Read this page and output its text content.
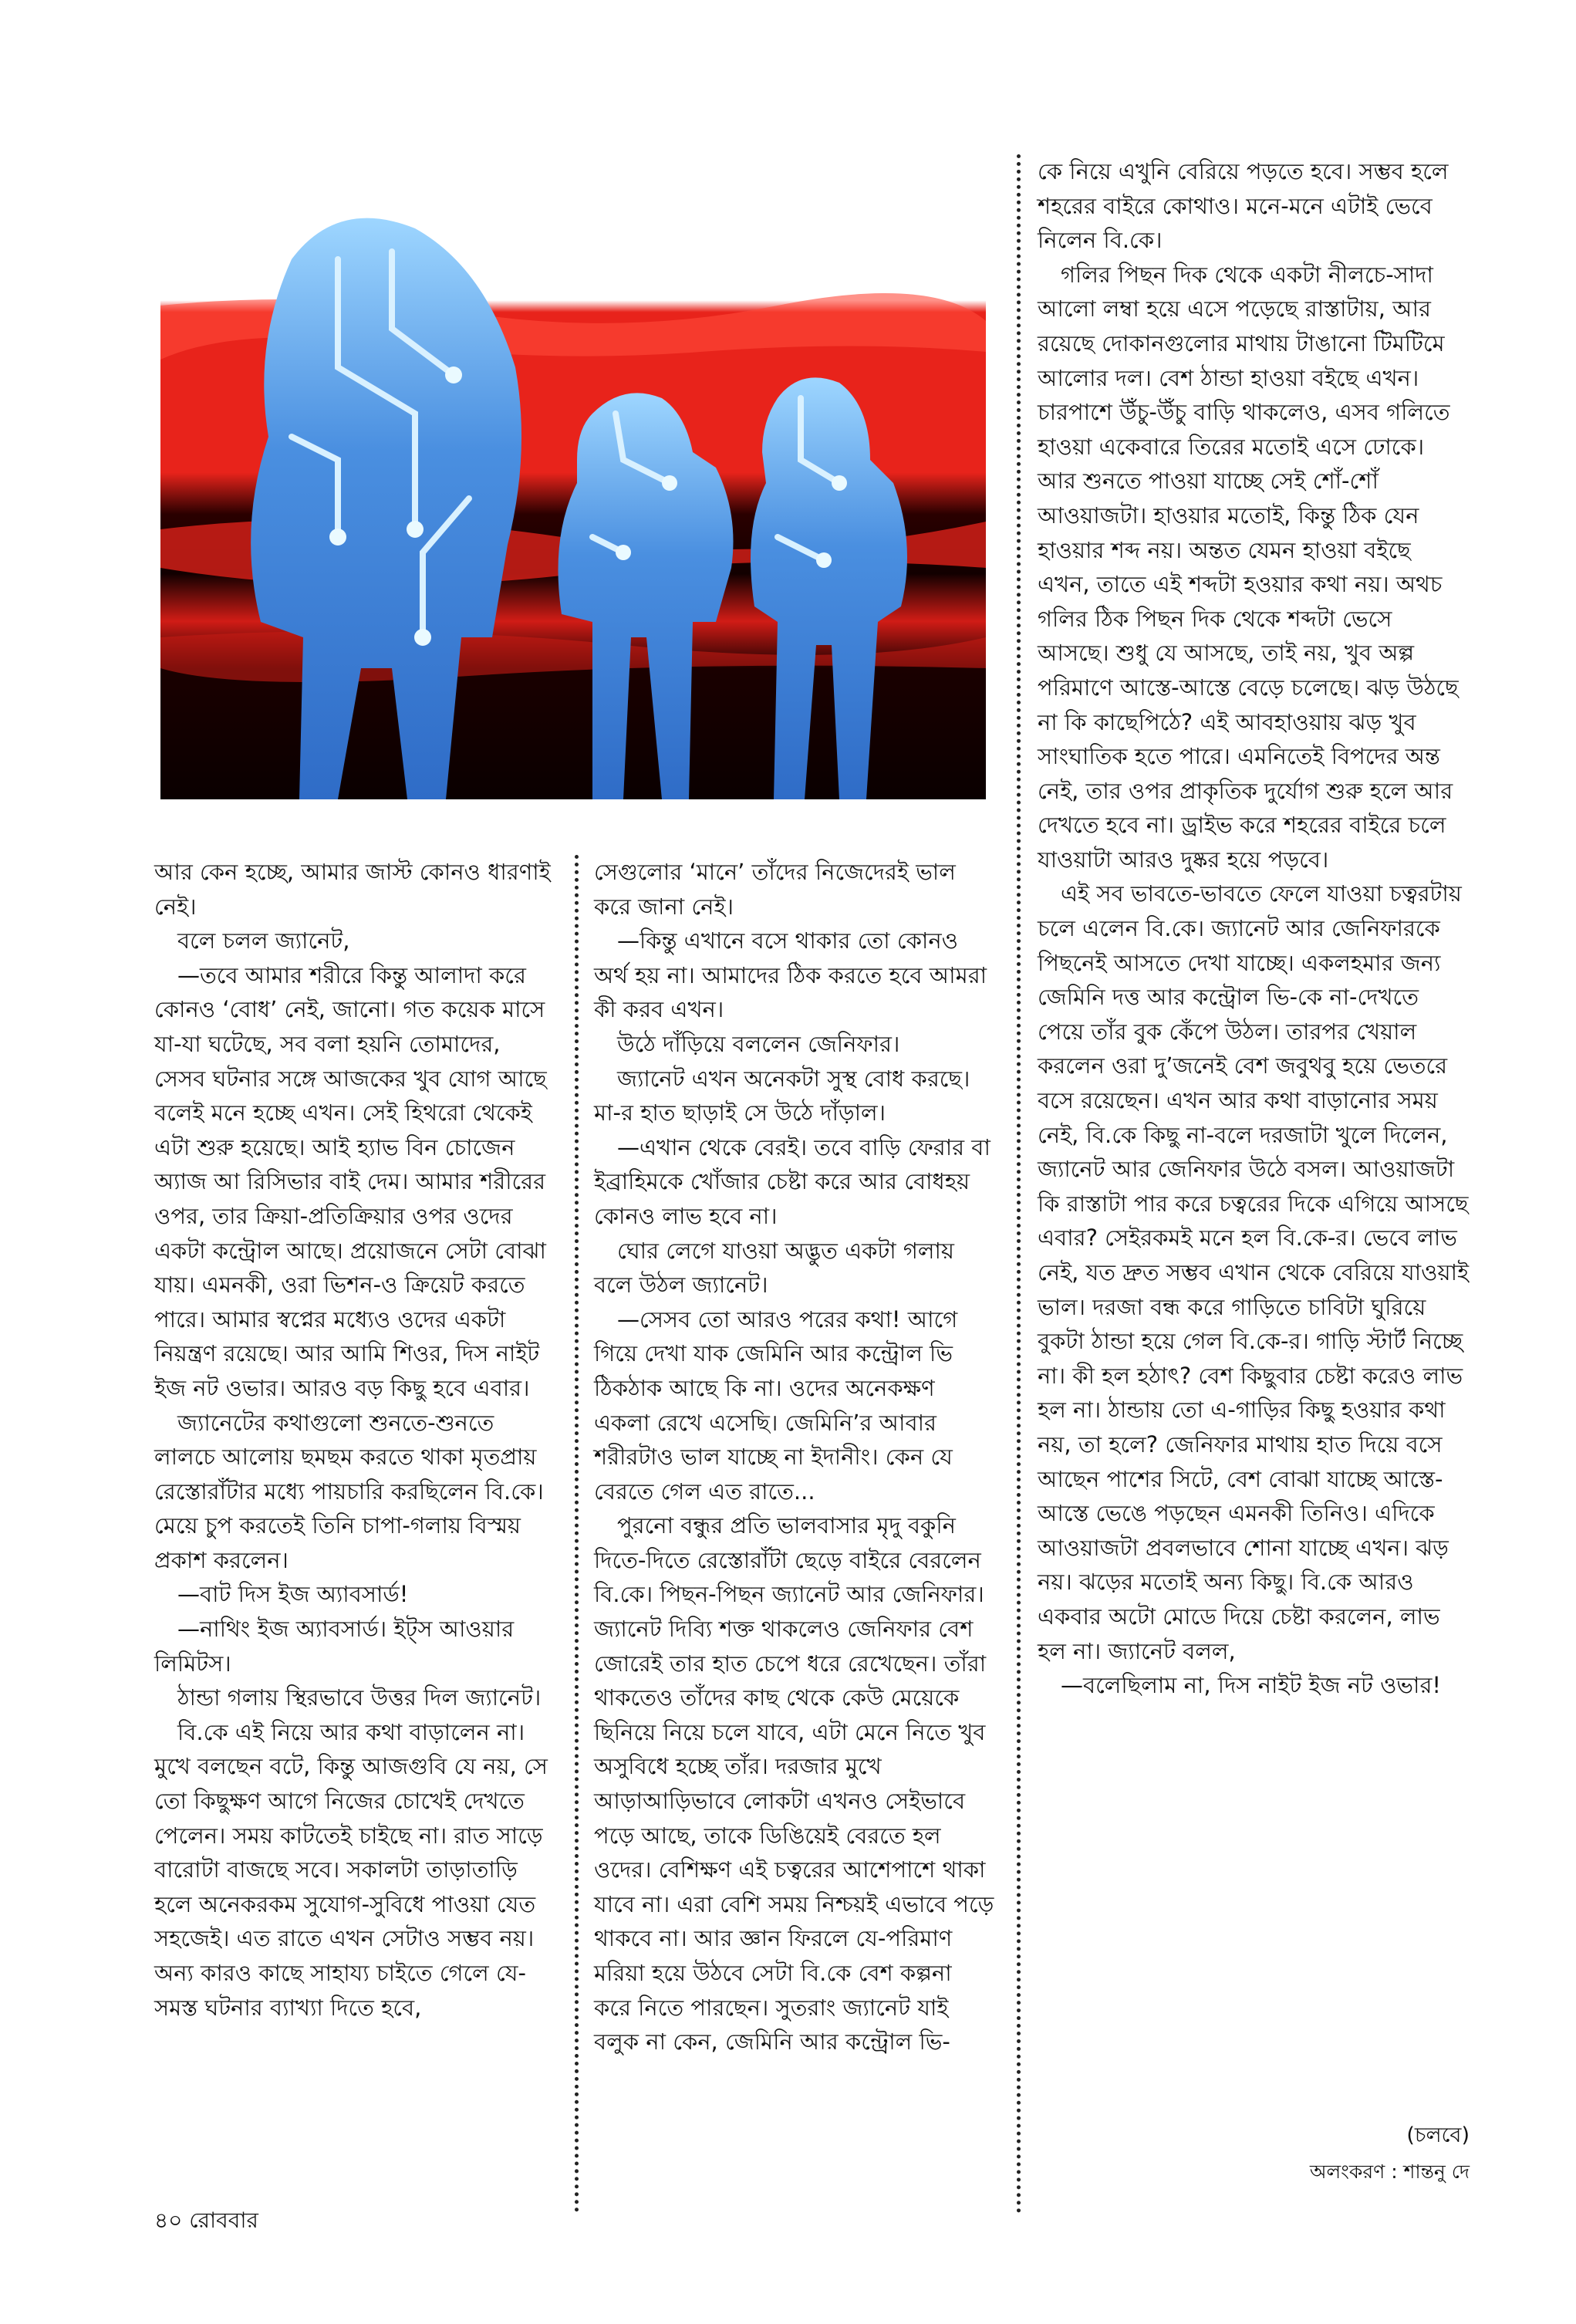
আর কেন হচ্ছে, আমার জাস্ট কোনও ধারণাই নেই।

বলে চলল জ্যানেট,

—তবে আমার শরীরে কিন্তু আলাদা করে কোনও ‘বোধ’ নেই, জানো। গত কয়েক মাসে যা-যা ঘটেছে, সব বলা হয়নি তোমাদের, সেসব ঘটনার সঙ্গে আজকের খুব যোগ আছে বলেই মনে হচ্ছে এখন। সেই হিথরো থেকেই এটা শুরু হয়েছে। আই হ্যাভ বিন চোজেন অ্যাজ আ রিসিভার বাই দেম। আমার শরীরের ওপর, তার ক্রিয়া-প্রতিক্রিয়ার ওপর ওদের একটা কন্ট্রোল আছে। প্রয়োজনে সেটা বোঝা যায়। এমনকী, ওরা ভিশন-ও ক্রিয়েট করতে পারে। আমার স্বপ্নের মধ্যেও ওদের একটা নিয়ন্ত্রণ রয়েছে। আর আমি শিওর, দিস নাইট ইজ নট ওভার। আরও বড় কিছু হবে এবার।

জ্যানেটের কথাগুলো শুনতে-শুনতে লালচে আলোয় ছমছম করতে থাকা মৃতপ্রায় রেস্তোরাঁটার মধ্যে পায়চারি করছিলেন বি.কে। মেয়ে চুপ করতেই তিনি চাপা-গলায় বিস্ময় প্রকাশ করলেন।

—বাট দিস ইজ অ্যাবসার্ড!

—নাথিং ইজ অ্যাবসার্ড। ইট্স আওয়ার লিমিটস।

ঠান্ডা গলায় স্থিরভাবে উত্তর দিল জ্যানেট।

বি.কে এই নিয়ে আর কথা বাড়ালেন না। মুখে বলছেন বটে, কিন্তু আজগুবি যে নয়, সে তো কিছুক্ষণ আগে নিজের চোখেই দেখতে পেলেন। সময় কাটতেই চাইছে না। রাত সাড়ে বারোটা বাজছে সবে। সকালটা তাড়াতাড়ি হলে অনেকরকম সুযোগ-সুবিধে পাওয়া যেত সহজেই। এত রাতে এখন সেটাও সম্ভব নয়। অন্য কারও কাছে সাহায্য চাইতে গেলে যে-সমস্ত ঘটনার ব্যাখ্যা দিতে হবে,

সেগুলোর ‘মানে’ তাঁদের নিজেদেরই ভাল করে জানা নেই।

—কিন্তু এখানে বসে থাকার তো কোনও অর্থ হয় না। আমাদের ঠিক করতে হবে আমরা কী করব এখন।

উঠে দাঁড়িয়ে বললেন জেনিফার।

জ্যানেট এখন অনেকটা সুস্থ বোধ করছে। মা-র হাত ছাড়াই সে উঠে দাঁড়াল।

—এখান থেকে বেরই। তবে বাড়ি ফেরার বা ইব্রাহিমকে খোঁজার চেষ্টা করে আর বোধহয় কোনও লাভ হবে না।

ঘোর লেগে যাওয়া অদ্ভুত একটা গলায় বলে উঠল জ্যানেট।

—সেসব তো আরও পরের কথা! আগে গিয়ে দেখা যাক জেমিনি আর কন্ট্রোল ভি ঠিকঠাক আছে কি না। ওদের অনেকক্ষণ একলা রেখে এসেছি। জেমিনি’র আবার শরীরটাও ভাল যাচ্ছে না ইদানীং। কেন যে বেরতে গেল এত রাতে...

পুরনো বন্ধুর প্রতি ভালবাসার মৃদু বকুনি দিতে-দিতে রেস্তোরাঁটা ছেড়ে বাইরে বেরলেন বি.কে। পিছন-পিছন জ্যানেট আর জেনিফার। জ্যানেট দিব্যি শক্ত থাকলেও জেনিফার বেশ জোরেই তার হাত চেপে ধরে রেখেছেন। তাঁরা থাকতেও তাঁদের কাছ থেকে কেউ মেয়েকে ছিনিয়ে নিয়ে চলে যাবে, এটা মেনে নিতে খুব অসুবিধে হচ্ছে তাঁর। দরজার মুখে আড়াআড়িভাবে লোকটা এখনও সেইভাবে পড়ে আছে, তাকে ডিঙিয়েই বেরতে হল ওদের। বেশিক্ষণ এই চত্বরের আশেপাশে থাকা যাবে না। এরা বেশি সময় নিশ্চয়ই এভাবে পড়ে থাকবে না। আর জ্ঞান ফিরলে যে-পরিমাণ মরিয়া হয়ে উঠবে সেটা বি.কে বেশ কল্পনা করে নিতে পারছেন। সুতরাং জ্যানেট যাই বলুক না কেন, জেমিনি আর কন্ট্রোল ভি-

কে নিয়ে এখুনি বেরিয়ে পড়তে হবে। সম্ভব হলে শহরের বাইরে কোথাও। মনে-মনে এটাই ভেবে নিলেন বি.কে।

গলির পিছন দিক থেকে একটা নীলচে-সাদা আলো লম্বা হয়ে এসে পড়েছে রাস্তাটায়, আর রয়েছে দোকানগুলোর মাথায় টাঙানো টিমটিমে আলোর দল। বেশ ঠান্ডা হাওয়া বইছে এখন। চারপাশে উঁচু-উঁচু বাড়ি থাকলেও, এসব গলিতে হাওয়া একেবারে তিরের মতোই এসে ঢোকে। আর শুনতে পাওয়া যাচ্ছে সেই শোঁ-শোঁ আওয়াজটা। হাওয়ার মতোই, কিন্তু ঠিক যেন হাওয়ার শব্দ নয়। অন্তত যেমন হাওয়া বইছে এখন, তাতে এই শব্দটা হওয়ার কথা নয়। অথচ গলির ঠিক পিছন দিক থেকে শব্দটা ভেসে আসছে। শুধু যে আসছে, তাই নয়, খুব অল্প পরিমাণে আস্তে-আস্তে বেড়ে চলেছে। ঝড় উঠছে না কি কাছেপিঠে? এই আবহাওয়ায় ঝড় খুব সাংঘাতিক হতে পারে। এমনিতেই বিপদের অন্ত নেই, তার ওপর প্রাকৃতিক দুর্যোগ শুরু হলে আর দেখতে হবে না। ড্রাইভ করে শহরের বাইরে চলে যাওয়াটা আরও দুষ্কর হয়ে পড়বে।

এই সব ভাবতে-ভাবতে ফেলে যাওয়া চত্বরটায় চলে এলেন বি.কে। জ্যানেট আর জেনিফারকে পিছনেই আসতে দেখা যাচ্ছে। একলহমার জন্য জেমিনি দত্ত আর কন্ট্রোল ভি-কে না-দেখতে পেয়ে তাঁর বুক কেঁপে উঠল। তারপর খেয়াল করলেন ওরা দু’জনেই বেশ জবুথবু হয়ে ভেতরে বসে রয়েছেন। এখন আর কথা বাড়ানোর সময় নেই, বি.কে কিছু না-বলে দরজাটা খুলে দিলেন, জ্যানেট আর জেনিফার উঠে বসল। আওয়াজটা কি রাস্তাটা পার করে চত্বরের দিকে এগিয়ে আসছে এবার? সেইরকমই মনে হল বি.কে-র। ভেবে লাভ নেই, যত দ্রুত সম্ভব এখান থেকে বেরিয়ে যাওয়াই ভাল। দরজা বন্ধ করে গাড়িতে চাবিটা ঘুরিয়ে বুকটা ঠান্ডা হয়ে গেল বি.কে-র। গাড়ি স্টার্ট নিচ্ছে না। কী হল হঠাৎ? বেশ কিছুবার চেষ্টা করেও লাভ হল না। ঠান্ডায় তো এ-গাড়ির কিছু হওয়ার কথা নয়, তা হলে? জেনিফার মাথায় হাত দিয়ে বসে আছেন পাশের সিটে, বেশ বোঝা যাচ্ছে আস্তে-আস্তে ভেঙে পড়ছেন এমনকী তিনিও। এদিকে আওয়াজটা প্রবলভাবে শোনা যাচ্ছে এখন। ঝড় নয়। ঝড়ের মতোই অন্য কিছু। বি.কে আরও একবার অটো মোডে দিয়ে চেষ্টা করলেন, লাভ হল না। জ্যানেট বলল,

—বলেছিলাম না, দিস নাইট ইজ নট ওভার!

(চলবে)
অলংকরণ : শান্তনু দে
৪০ রোববার
